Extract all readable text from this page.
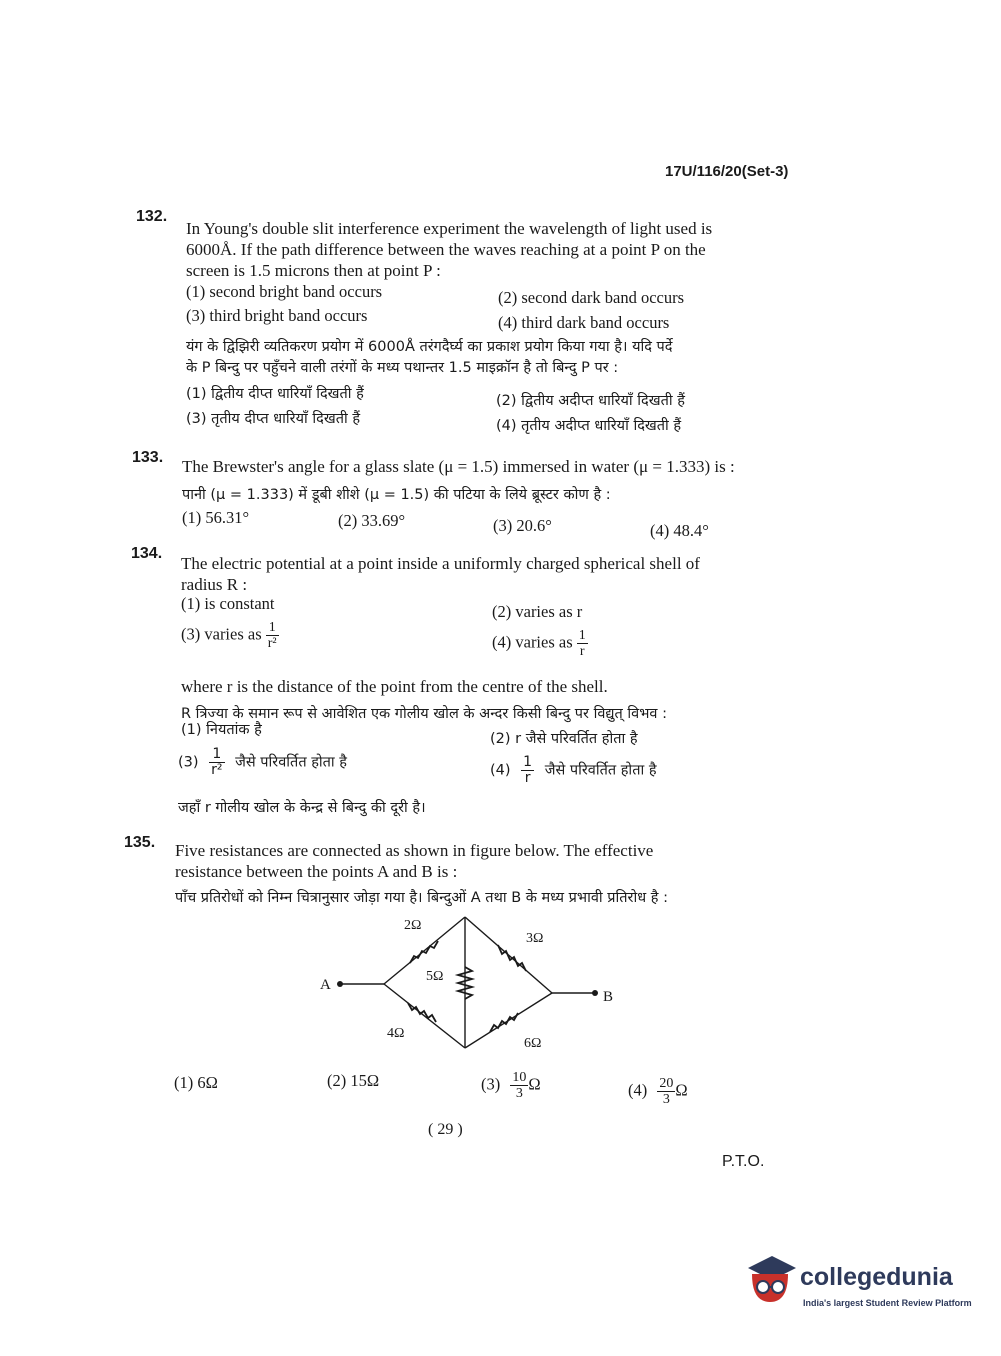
17U/116/20(Set-3)
132.
In Young's double slit interference experiment the wavelength of light used is
6000Å. If the path difference between the waves reaching at a point P on the
screen is 1.5 microns then at point P :
(1) second bright band occurs	(2) second dark band occurs
(3) third bright band occurs	(4) third dark band occurs
यंग के द्विझिरी व्यतिकरण प्रयोग में 6000Å तरंगदैर्घ्य का प्रकाश प्रयोग किया गया है। यदि पर्दे
के P बिन्दु पर पहुँचने वाली तरंगों के मध्य पथान्तर 1.5 माइक्रॉन है तो बिन्दु P पर :
(1) द्वितीय दीप्त धारियाँ दिखती हैं	(2) द्वितीय अदीप्त धारियाँ दिखती हैं
(3) तृतीय दीप्त धारियाँ दिखती हैं	(4) तृतीय अदीप्त धारियाँ दिखती हैं
133. The Brewster's angle for a glass slate (μ = 1.5) immersed in water (μ = 1.333) is :
पानी (μ = 1.333) में डूबी शीशे (μ = 1.5) की पटिया के लिये ब्रूस्टर कोण है :
(1) 56.31°	(2) 33.69°	(3) 20.6°	(4) 48.4°
134.
The electric potential at a point inside a uniformly charged spherical shell of
radius R :
(1) is constant	(2) varies as r
(3) varies as $\frac{1}{\text{r²}}$	(4) varies as $\frac{1}{r}$
where r is the distance of the point from the centre of the shell.
R त्रिज्या के समान रूप से आवेशित एक गोलीय खोल के अन्दर किसी बिन्दु पर विद्युत् विभव :
(1) नियतांक है
(2) r जैसे परिवर्तित होता है
$(3) \frac{1}{\text{r²}}$ जैसे परिवर्तित होता है	$(4) \frac{1}{r}$ जैसे परिवर्तित होता है
जहाँ r गोलीय खोल के केन्द्र से बिन्दु की दूरी है।
135. Five resistances are connected as shown in figure below. The effective
resistance between the points A and B is :
पाँच प्रतिरोधों को निम्न चित्रानुसार जोड़ा गया है। बिन्दुओं A तथा B के मध्य प्रभावी प्रतिरोध है :
2Ω
3Ω
5Ω
4Ω
6Ω
A
B
(1) 6Ω	(2) 15Ω	$(3) \frac{10}{3}$ Ω	$(4) \frac{20}{3}$ Ω
( 29 )
P.T.O.
collegedunia
India's largest Student Review Platform
